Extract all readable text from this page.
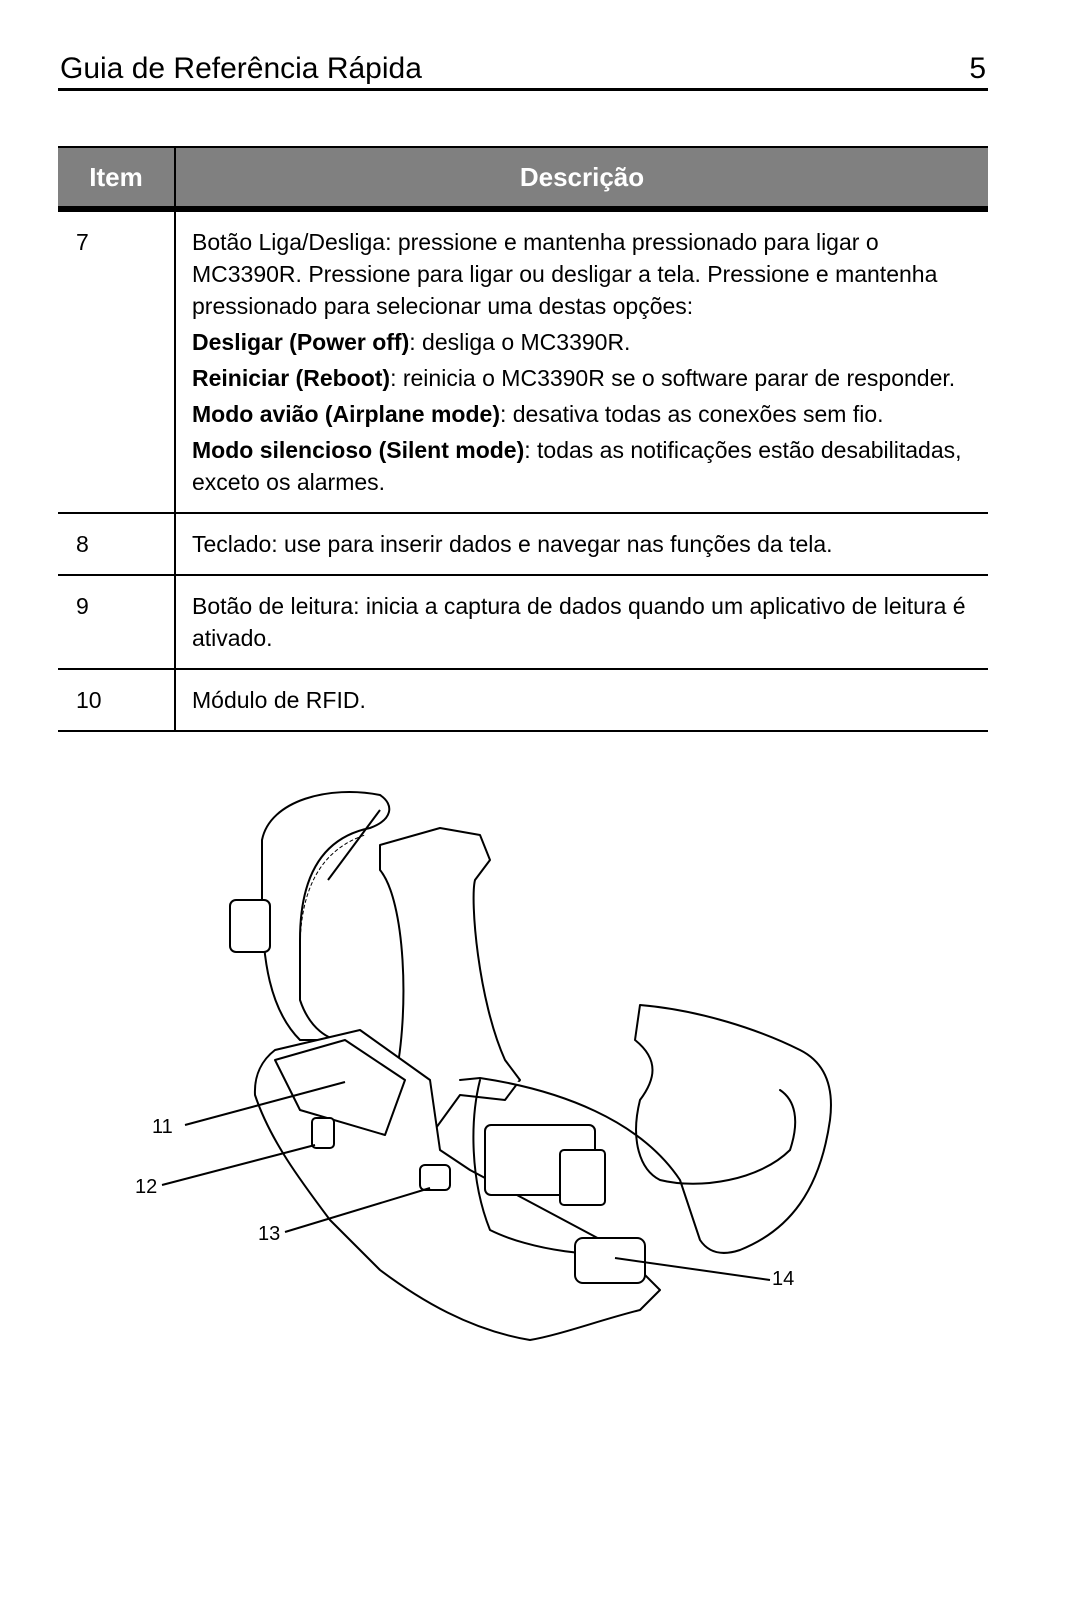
Guia de Referência Rápida	5
Item	Descrição
7	Botão Liga/Desliga: pressione e mantenha pressionado para ligar o MC3390R. Pressione para ligar ou desligar a tela. Pressione e mantenha pressionado para selecionar uma destas opções:

Desligar (Power off): desliga o MC3390R.

Reiniciar (Reboot): reinicia o MC3390R se o software parar de responder.

Modo avião (Airplane mode): desativa todas as conexões sem fio.

Modo silencioso (Silent mode): todas as notificações estão desabilitadas, exceto os alarmes.

8	Teclado: use para inserir dados e navegar nas funções da tela.
9	Botão de leitura: inicia a captura de dados quando um aplicativo de leitura é ativado.
10	Módulo de RFID.
11
12
13
14
